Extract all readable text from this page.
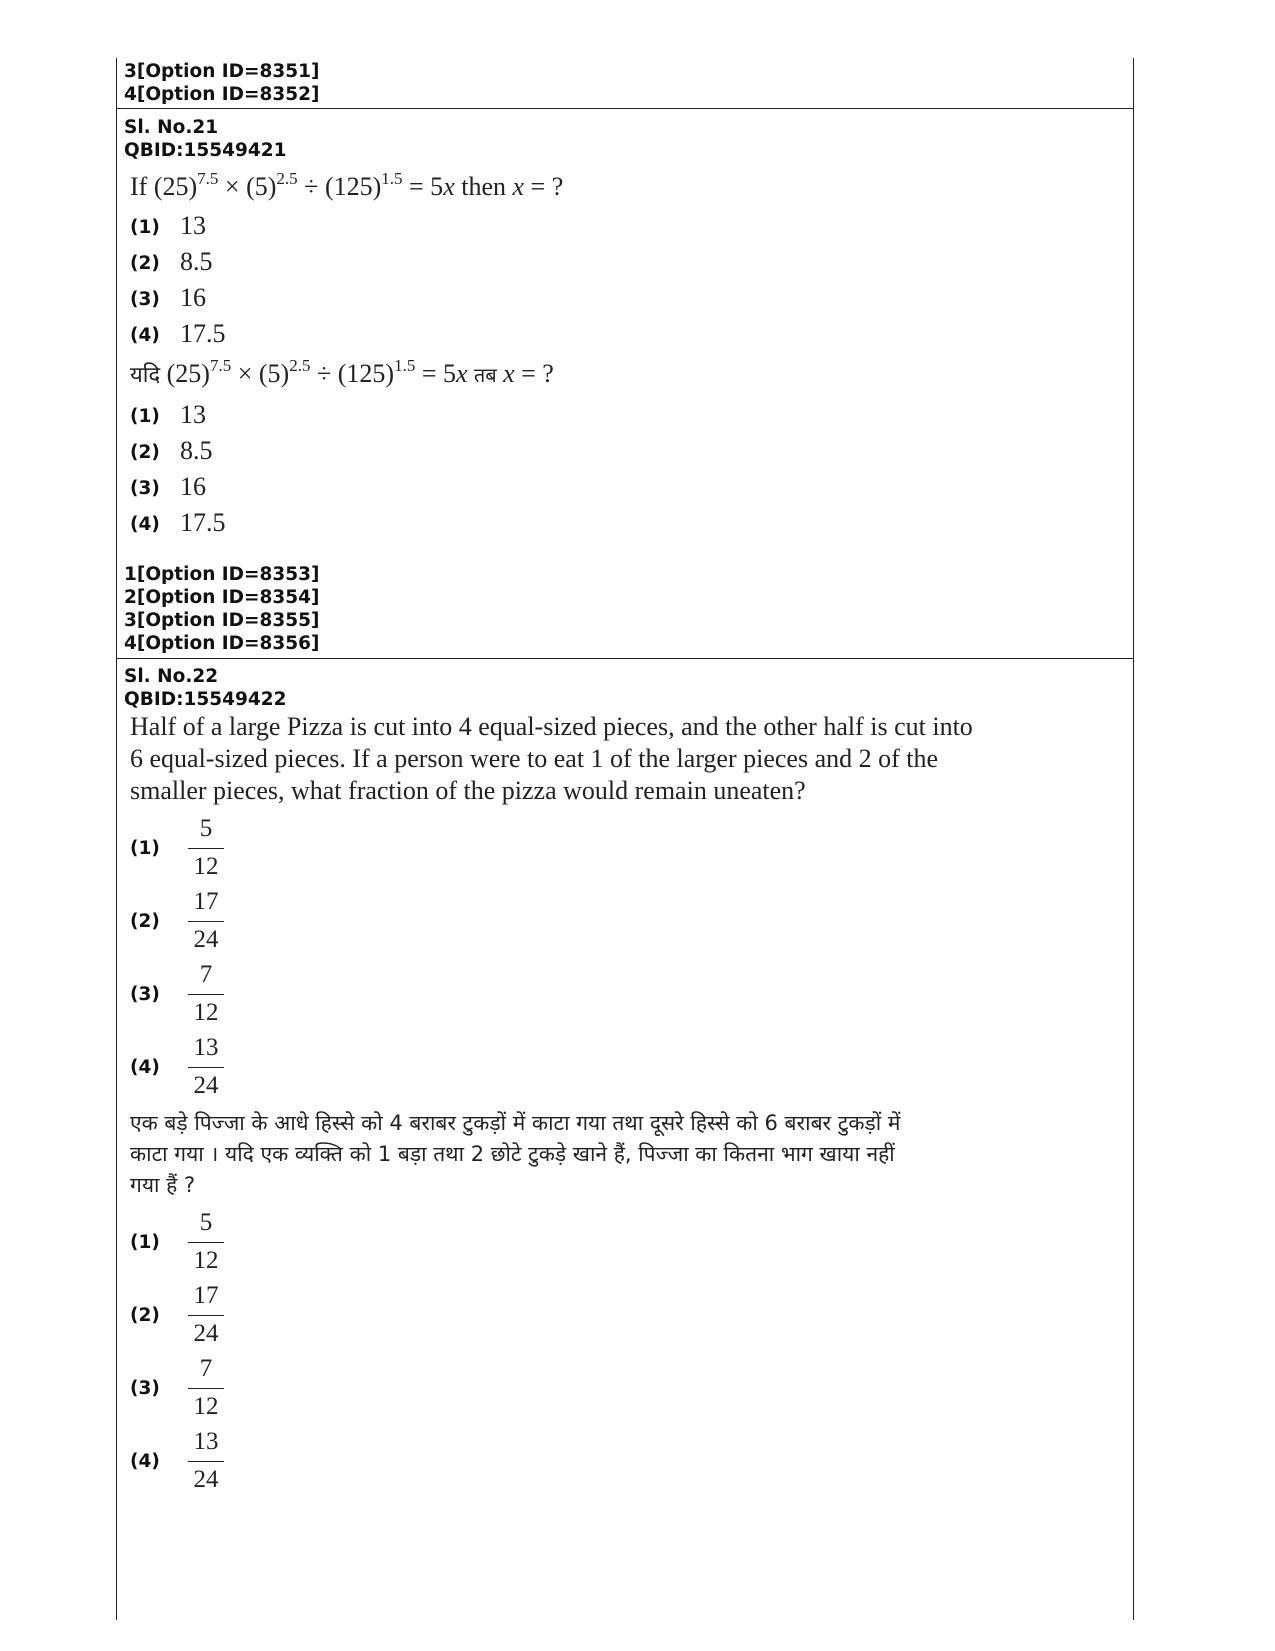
3[Option ID=8351]

4[Option ID=8352]

Sl. No.21

QBID:15549421

If $(25)^{7.5} \times (5)^{2.5} \div (125)^{1.5} = 5x$ then x = ?

(1) 13
(2) 8.5
(3) 16
(4) 17.5

यदि $(25)^{7.5} \times (5)^{2.5} \div (125)^{1.5} = 5x$ तब x = ?

(1) 13
(2) 8.5
(3) 16
(4) 17.5

1[Option ID=8353]

2[Option ID=8354]

3[Option ID=8355]

4[Option ID=8356]

Sl. No.22

QBID:15549422

Half of a large Pizza is cut into 4 equal-sized pieces, and the other half is cut into
6 equal-sized pieces. If a person were to eat 1 of the larger pieces and 2 of the
smaller pieces, what fraction of the pizza would remain uneaten?
(1)
5
12
(2)
17
24
(3)
7
12
(4)
13
24
एक बड़े पिज्जा के आधे हिस्से को 4 बराबर टुकड़ों में काटा गया तथा दूसरे हिस्से को 6 बराबर टुकड़ों में
काटा गया । यदि एक व्यक्ति को 1 बड़ा तथा 2 छोटे टुकड़े खाने हैं, पिज्जा का कितना भाग खाया नहीं
गया हैं ?
(1)
5
12
(2)
17
24
(3)
7
12
(4)
13
24
